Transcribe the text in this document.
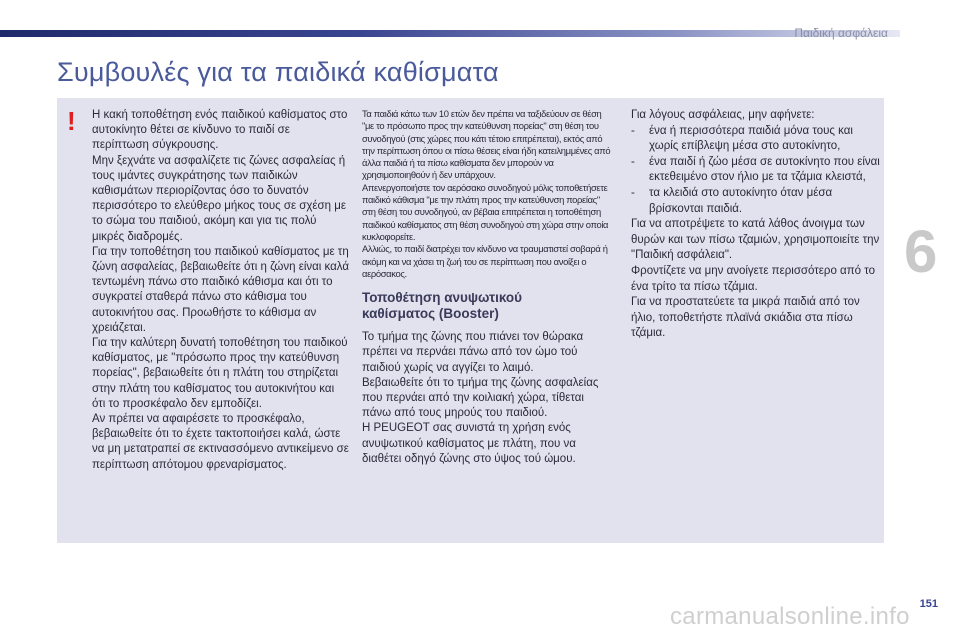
Παιδική ασφάλεια
Συμβουλές για τα παιδικά καθίσματα
!	Η κακή τοποθέτηση ενός παιδικού καθίσματος στο αυτοκίνητο θέτει σε κίνδυνο το παιδί σε περίπτωση σύγκρουσης.

Μην ξεχνάτε να ασφαλίζετε τις ζώνες ασφαλείας ή τους ιμάντες συγκράτησης των παιδικών καθισμάτων περιορίζοντας όσο το δυνατόν περισσότερο το ελεύθερο μήκος τους σε σχέση με το σώμα του παιδιού, ακόμη και για τις πολύ μικρές διαδρομές.

Για την τοποθέτηση του παιδικού καθίσματος με τη ζώνη ασφαλείας, βεβαιωθείτε ότι η ζώνη είναι καλά τεντωμένη πάνω στο παιδικό κάθισμα και ότι το συγκρατεί σταθερά πάνω στο κάθισμα του αυτοκινήτου σας. Προωθήστε το κάθισμα αν χρειάζεται.

Για την καλύτερη δυνατή τοποθέτηση του παιδικού καθίσματος, με "πρόσωπο προς την κατεύθυνση πορείας", βεβαιωθείτε ότι η πλάτη του στηρίζεται στην πλάτη του καθίσματος του αυτοκινήτου και ότι το προσκέφαλο δεν εμποδίζει.

Αν πρέπει να αφαιρέσετε το προσκέφαλο, βεβαιωθείτε ότι το έχετε τακτοποιήσει καλά, ώστε να μη μετατραπεί σε εκτινασσόμενο αντικείμενο σε περίπτωση απότομου φρεναρίσματος.

Τα παιδιά κάτω των 10 ετών δεν πρέπει να ταξιδεύουν σε θέση "με το πρόσωπο προς την κατεύθυνση πορείας" στη θέση του συνοδηγού (στις χώρες που κάτι τέτοιο επιτρέπεται), εκτός από την περίπτωση όπου οι πίσω θέσεις είναι ήδη κατειλημμένες από άλλα παιδιά ή τα πίσω καθίσματα δεν μπορούν να χρησιμοποιηθούν ή δεν υπάρχουν.

Απενεργοποιήστε τον αερόσακο συνοδηγού μόλις τοποθετήσετε παιδικό κάθισμα "με την πλάτη προς την κατεύθυνση πορείας" στη θέση του συνοδηγού, αν βέβαια επιτρέπεται η τοποθέτηση παιδικού καθίσματος στη θέση συνοδηγού στη χώρα στην οποία κυκλοφορείτε.

Αλλιώς, το παιδί διατρέχει τον κίνδυνο να τραυματιστεί σοβαρά ή ακόμη και να χάσει τη ζωή του σε περίπτωση που ανοίξει ο αερόσακος.

Τοποθέτηση ανυψωτικού
καθίσματος (Booster)

Το τμήμα της ζώνης που πιάνει τον θώρακα πρέπει να περνάει πάνω από τον ώμο τού παιδιού χωρίς να αγγίζει το λαιμό.

Βεβαιωθείτε ότι το τμήμα της ζώνης ασφαλείας που περνάει από την κοιλιακή χώρα, τίθεται πάνω από τους μηρούς του παιδιού.

Η PEUGEOT σας συνιστά τη χρήση ενός ανυψωτικού καθίσματος με πλάτη, που να διαθέτει οδηγό ζώνης στο ύψος τού ώμου.

Για λόγους ασφάλειας, μην αφήνετε:

- ένα ή περισσότερα παιδιά μόνα τους και χωρίς επίβλεψη μέσα στο αυτοκίνητο,
- ένα παιδί ή ζώο μέσα σε αυτοκίνητο που είναι εκτεθειμένο στον ήλιο με τα τζάμια κλειστά,
- τα κλειδιά στο αυτοκίνητο όταν μέσα βρίσκονται παιδιά.

Για να αποτρέψετε το κατά λάθος άνοιγμα των θυρών και των πίσω τζαμιών, χρησιμοποιείτε την "Παιδική ασφάλεια".

Φροντίζετε να μην ανοίγετε περισσότερο από το ένα τρίτο τα πίσω τζάμια.

Για να προστατεύετε τα μικρά παιδιά από τον ήλιο, τοποθετήστε πλαϊνά σκιάδια στα πίσω τζάμια.

6
carmanualsonline.info 151
